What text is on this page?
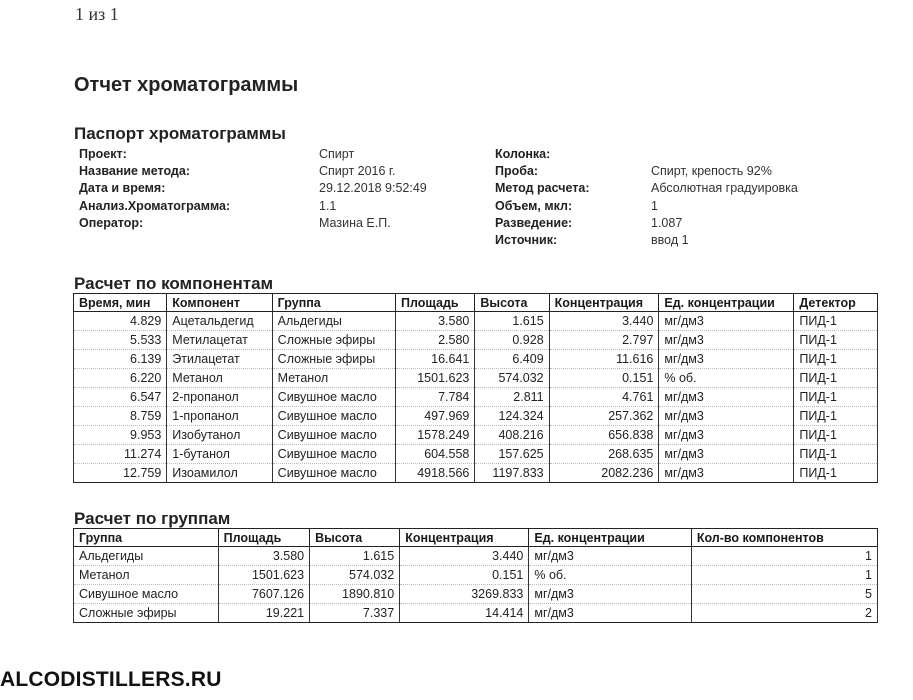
1 из 1
Отчет хроматограммы
Паспорт хроматограммы
Проект:	Спирт
Название метода:	Спирт 2016 г.
Дата и время:	29.12.2018 9:52:49
Анализ.Хроматограмма:	1.1
Оператор:	Мазина Е.П.
Колонка:
Проба:	Спирт, крепость 92%
Метод расчета:	Абсолютная градуировка
Объем, мкл:	1
Разведение:	1.087
Источник:	ввод 1
Расчет по компонентам
Время, мин	Компонент	Группа	Площадь	Высота	Концентрация	Ед. концентрации	Детектор
4.829	Ацетальдегид	Альдегиды	3.580	1.615	3.440	мг/дм3	ПИД-1
5.533	Метилацетат	Сложные эфиры	2.580	0.928	2.797	мг/дм3	ПИД-1
6.139	Этилацетат	Сложные эфиры	16.641	6.409	11.616	мг/дм3	ПИД-1
6.220	Метанол	Метанол	1501.623	574.032	0.151	% об.	ПИД-1
6.547	2-пропанол	Сивушное масло	7.784	2.811	4.761	мг/дм3	ПИД-1
8.759	1-пропанол	Сивушное масло	497.969	124.324	257.362	мг/дм3	ПИД-1
9.953	Изобутанол	Сивушное масло	1578.249	408.216	656.838	мг/дм3	ПИД-1
11.274	1-бутанол	Сивушное масло	604.558	157.625	268.635	мг/дм3	ПИД-1
12.759	Изоамилол	Сивушное масло	4918.566	1197.833	2082.236	мг/дм3	ПИД-1
Расчет по группам
Группа	Площадь	Высота	Концентрация	Ед. концентрации	Кол-во компонентов
Альдегиды	3.580	1.615	3.440	мг/дм3	1
Метанол	1501.623	574.032	0.151	% об.	1
Сивушное масло	7607.126	1890.810	3269.833	мг/дм3	5
Сложные эфиры	19.221	7.337	14.414	мг/дм3	2
ALCODISTILLERS.RU
